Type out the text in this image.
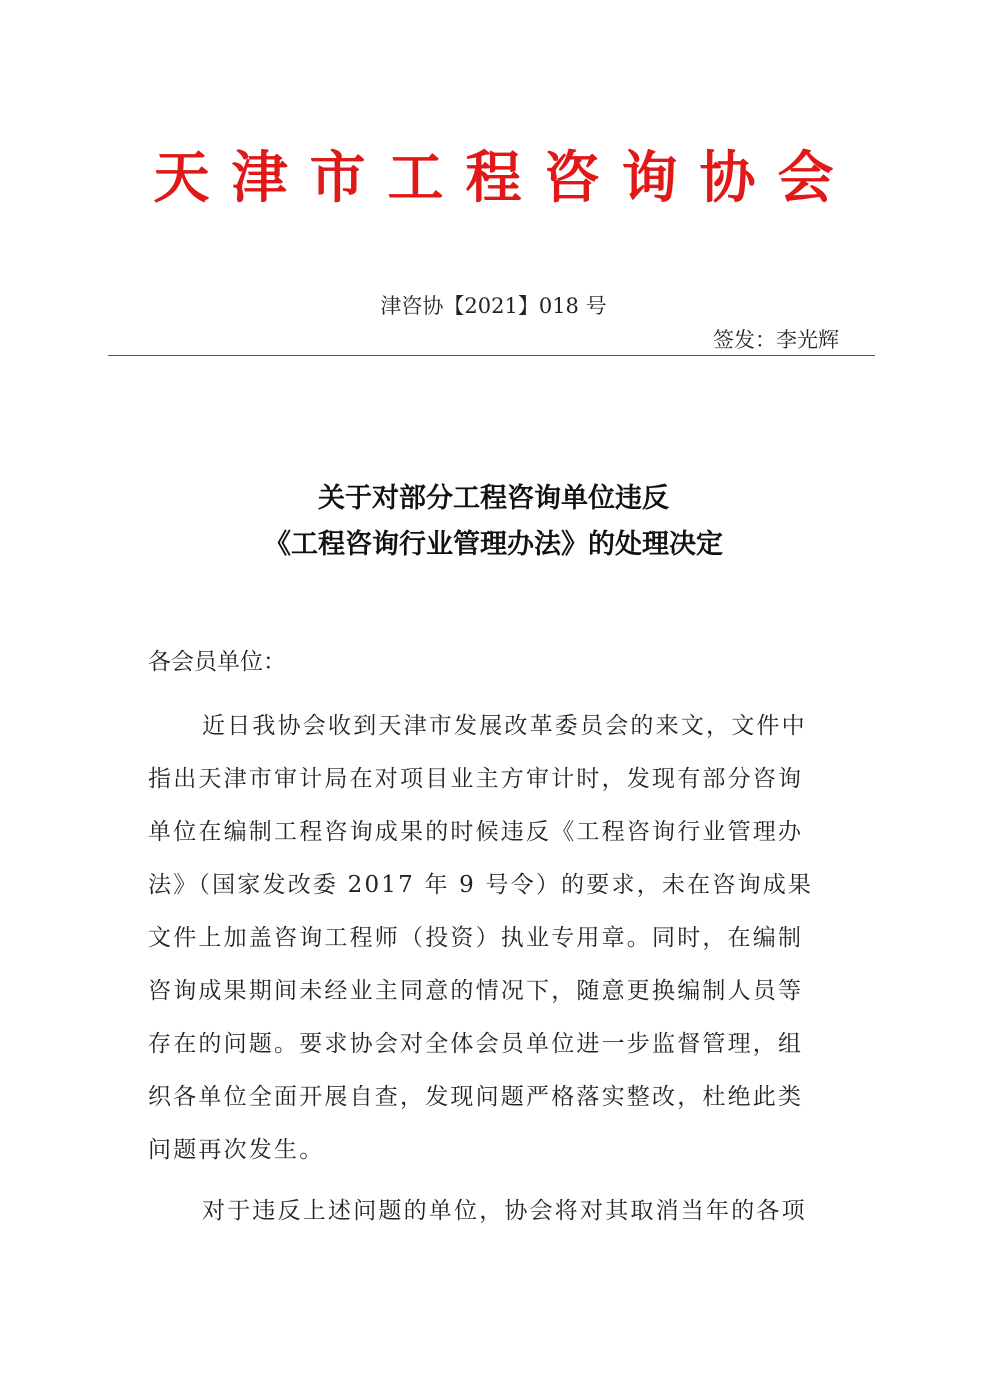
天津市工程咨询协会
津咨协【2021】018 号
签发：李光辉
关于对部分工程咨询单位违反
《工程咨询行业管理办法》的处理决定
各会员单位：
近日我协会收到天津市发展改革委员会的来文，文件中
指出天津市审计局在对项目业主方审计时，发现有部分咨询
单位在编制工程咨询成果的时候违反《工程咨询行业管理办
法》（国家发改委 2017 年 9 号令）的要求，未在咨询成果
文件上加盖咨询工程师（投资）执业专用章。同时，在编制
咨询成果期间未经业主同意的情况下，随意更换编制人员等
存在的问题。要求协会对全体会员单位进一步监督管理，组
织各单位全面开展自查，发现问题严格落实整改，杜绝此类
问题再次发生。
对于违反上述问题的单位，协会将对其取消当年的各项
